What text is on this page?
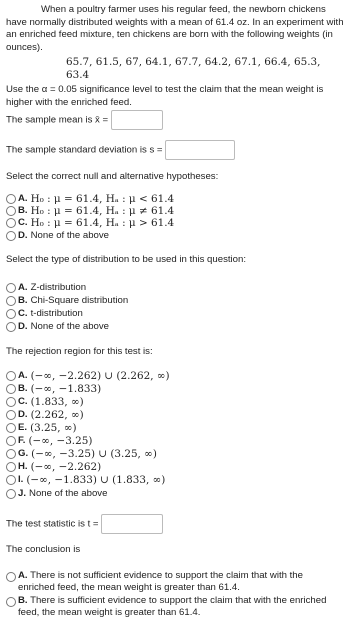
When a poultry farmer uses his regular feed, the newborn chickens have normally distributed weights with a mean of 61.4 oz. In an experiment with an enriched feed mixture, ten chickens are born with the following weights (in ounces).
65.7, 61.5, 67, 64.1, 67.7, 64.2, 67.1, 66.4, 65.3, 63.4
Use the α = 0.05 significance level to test the claim that the mean weight is higher with the enriched feed.
The sample mean is x̄ =
The sample standard deviation is s =
Select the correct null and alternative hypotheses:
A. H₀ : μ = 61.4, Hₐ : μ < 61.4
B. H₀ : μ = 61.4, Hₐ : μ ≠ 61.4
C. H₀ : μ = 61.4, Hₐ : μ > 61.4
D. None of the above
Select the type of distribution to be used in this question:
A. Z-distribution
B. Chi-Square distribution
C. t-distribution
D. None of the above
The rejection region for this test is:
A. (−∞, −2.262) ∪ (2.262, ∞)
B. (−∞, −1.833)
C. (1.833, ∞)
D. (2.262, ∞)
E. (3.25, ∞)
F. (−∞, −3.25)
G. (−∞, −3.25) ∪ (3.25, ∞)
H. (−∞, −2.262)
I. (−∞, −1.833) ∪ (1.833, ∞)
J. None of the above
The test statistic is t =
The conclusion is
A. There is not sufficient evidence to support the claim that with the enriched feed, the mean weight is greater than 61.4.
B. There is sufficient evidence to support the claim that with the enriched feed, the mean weight is greater than 61.4.
